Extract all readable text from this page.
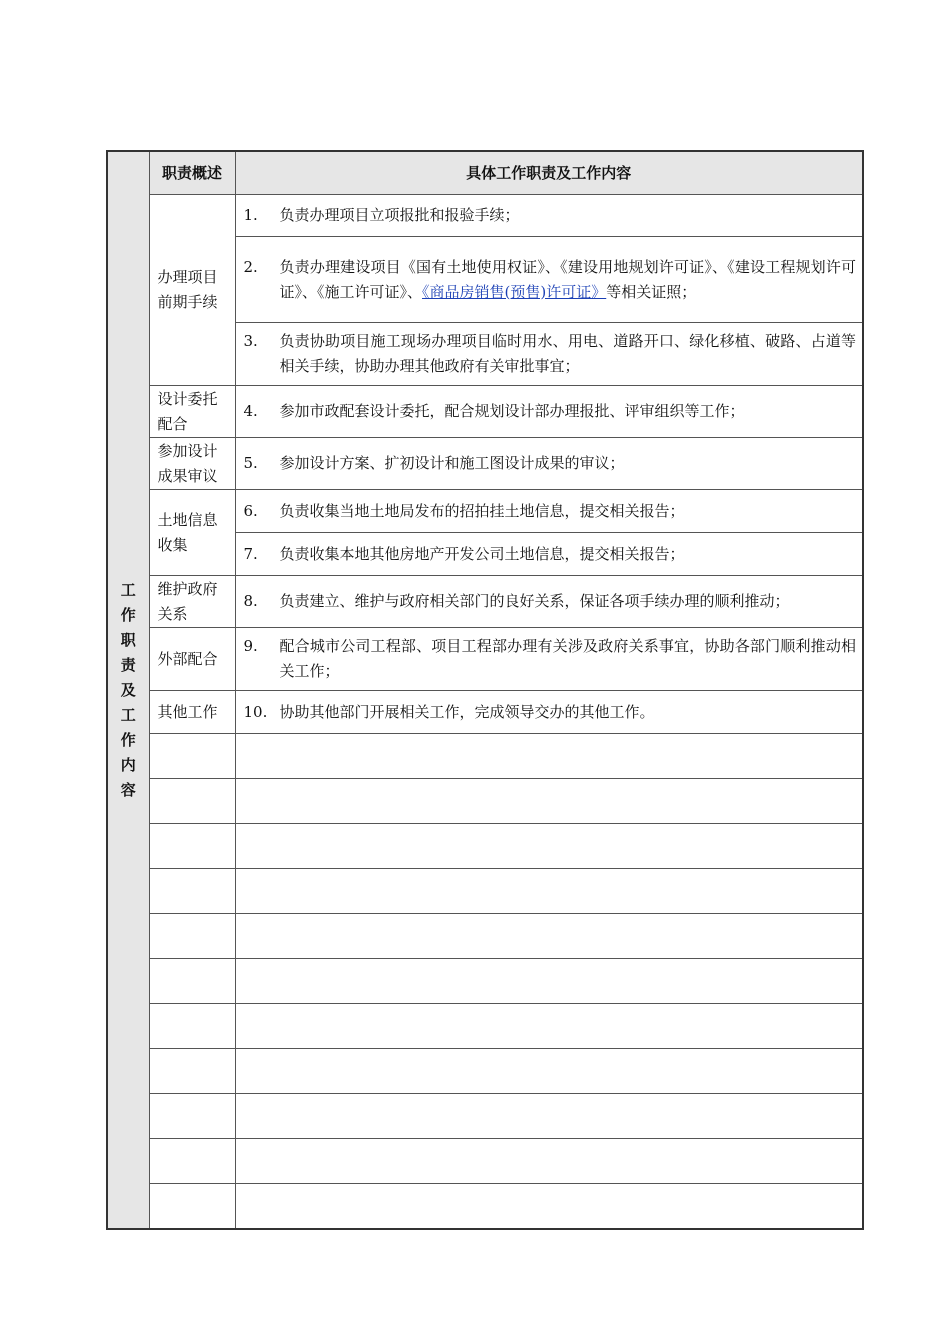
工作职责及工作内容	职责概述	具体工作职责及工作内容
	办理项目前期手续	1. 负责办理项目立项报批和报验手续；

		2. 负责办理建设项目《国有土地使用权证》、《建设用地规划许可证》、《建设工程规划许可证》、《施工许可证》、《商品房销售(预售)许可证》等相关证照；

		3. 负责协助项目施工现场办理项目临时用水、用电、道路开口、绿化移植、破路、占道等相关手续，协助办理其他政府有关审批事宜；

	设计委托配合	4. 参加市政配套设计委托，配合规划设计部办理报批、评审组织等工作；

	参加设计成果审议	5. 参加设计方案、扩初设计和施工图设计成果的审议；

	土地信息收集	6. 负责收集当地土地局发布的招拍挂土地信息，提交相关报告；

		7. 负责收集本地其他房地产开发公司土地信息，提交相关报告；

	维护政府关系	8. 负责建立、维护与政府相关部门的良好关系，保证各项手续办理的顺利推动；

	外部配合	9. 配合城市公司工程部、项目工程部办理有关涉及政府关系事宜，协助各部门顺利推动相关工作；

	其他工作	10. 协助其他部门开展相关工作，完成领导交办的其他工作。
